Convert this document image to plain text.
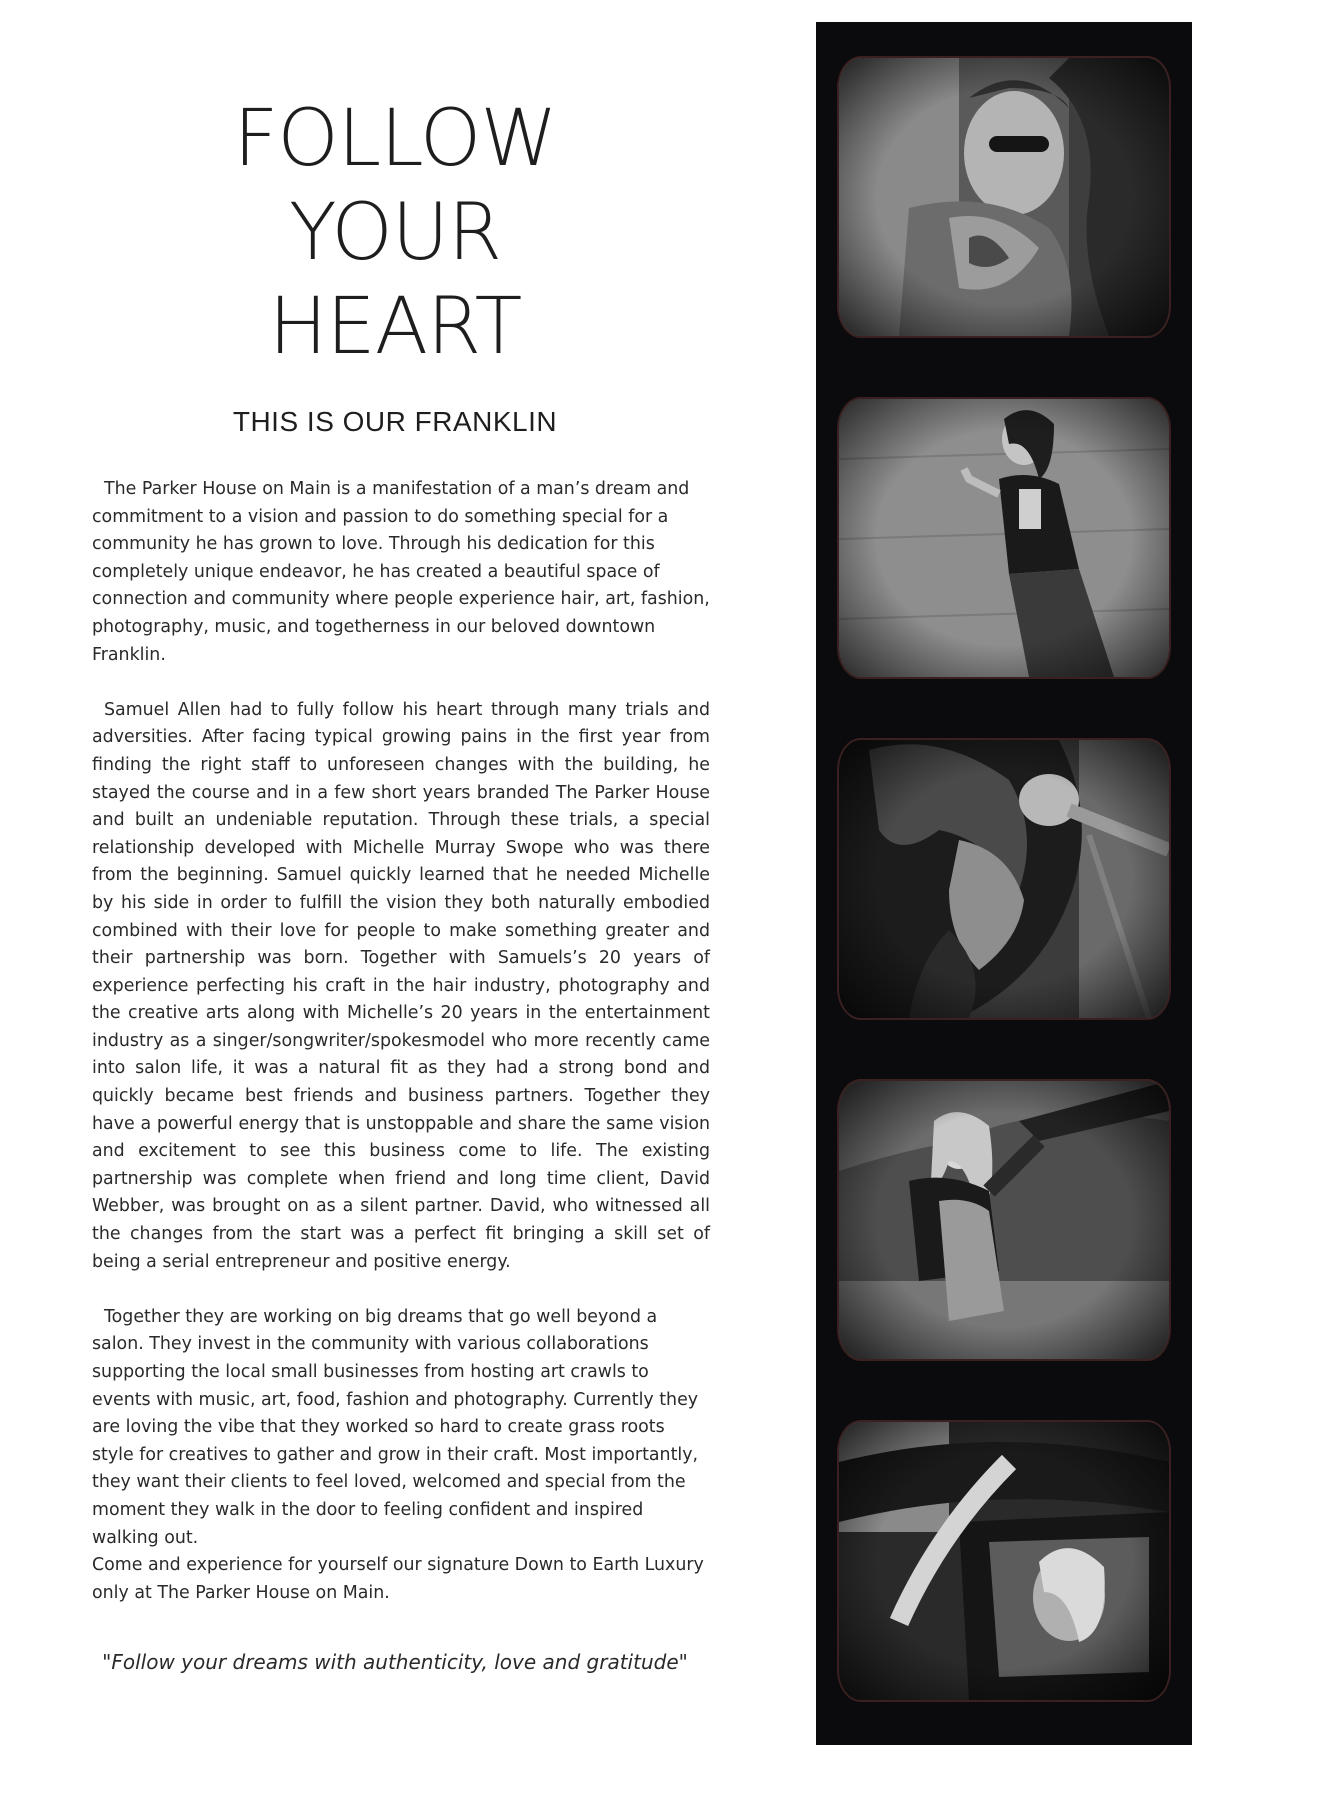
FOLLOW
YOUR
HEART
THIS IS OUR FRANKLIN

The Parker House on Main is a manifestation of a man’s dream and commitment to a vision and passion to do something special for a community he has grown to love. Through his dedication for this completely unique endeavor, he has created a beautiful space of connection and community where people experience hair, art, fashion, photography, music, and togetherness in our beloved downtown Franklin.

Samuel Allen had to fully follow his heart through many trials and adversities. After facing typical growing pains in the first year from finding the right staff to unforeseen changes with the building, he stayed the course and in a few short years branded The Parker House and built an undeniable reputation. Through these trials, a special relationship developed with Michelle Murray Swope who was there from the beginning. Samuel quickly learned that he needed Michelle by his side in order to fulfill the vision they both naturally embodied combined with their love for people to make something greater and their partnership was born. Together with Samuels’s 20 years of experience perfecting his craft in the hair industry, photography and the creative arts along with Michelle’s 20 years in the entertainment industry as a singer/songwriter/spokesmodel who more recently came into salon life, it was a natural fit as they had a strong bond and quickly became best friends and business partners. Together they have a powerful energy that is unstoppable and share the same vision and excitement to see this business come to life. The existing partnership was complete when friend and long time client, David Webber, was brought on as a silent partner. David, who witnessed all the changes from the start was a perfect fit bringing a skill set of being a serial entrepreneur and positive energy.

Together they are working on big dreams that go well beyond a salon. They invest in the community with various collaborations supporting the local small businesses from hosting art crawls to events with music, art, food, fashion and photography. Currently they are loving the vibe that they worked so hard to create grass roots style for creatives to gather and grow in their craft. Most importantly, they want their clients to feel loved, welcomed and special from the moment they walk in the door to feeling confident and inspired walking out.

Come and experience for yourself our signature Down to Earth Luxury only at The Parker House on Main.
"Follow your dreams with authenticity, love and gratitude"
